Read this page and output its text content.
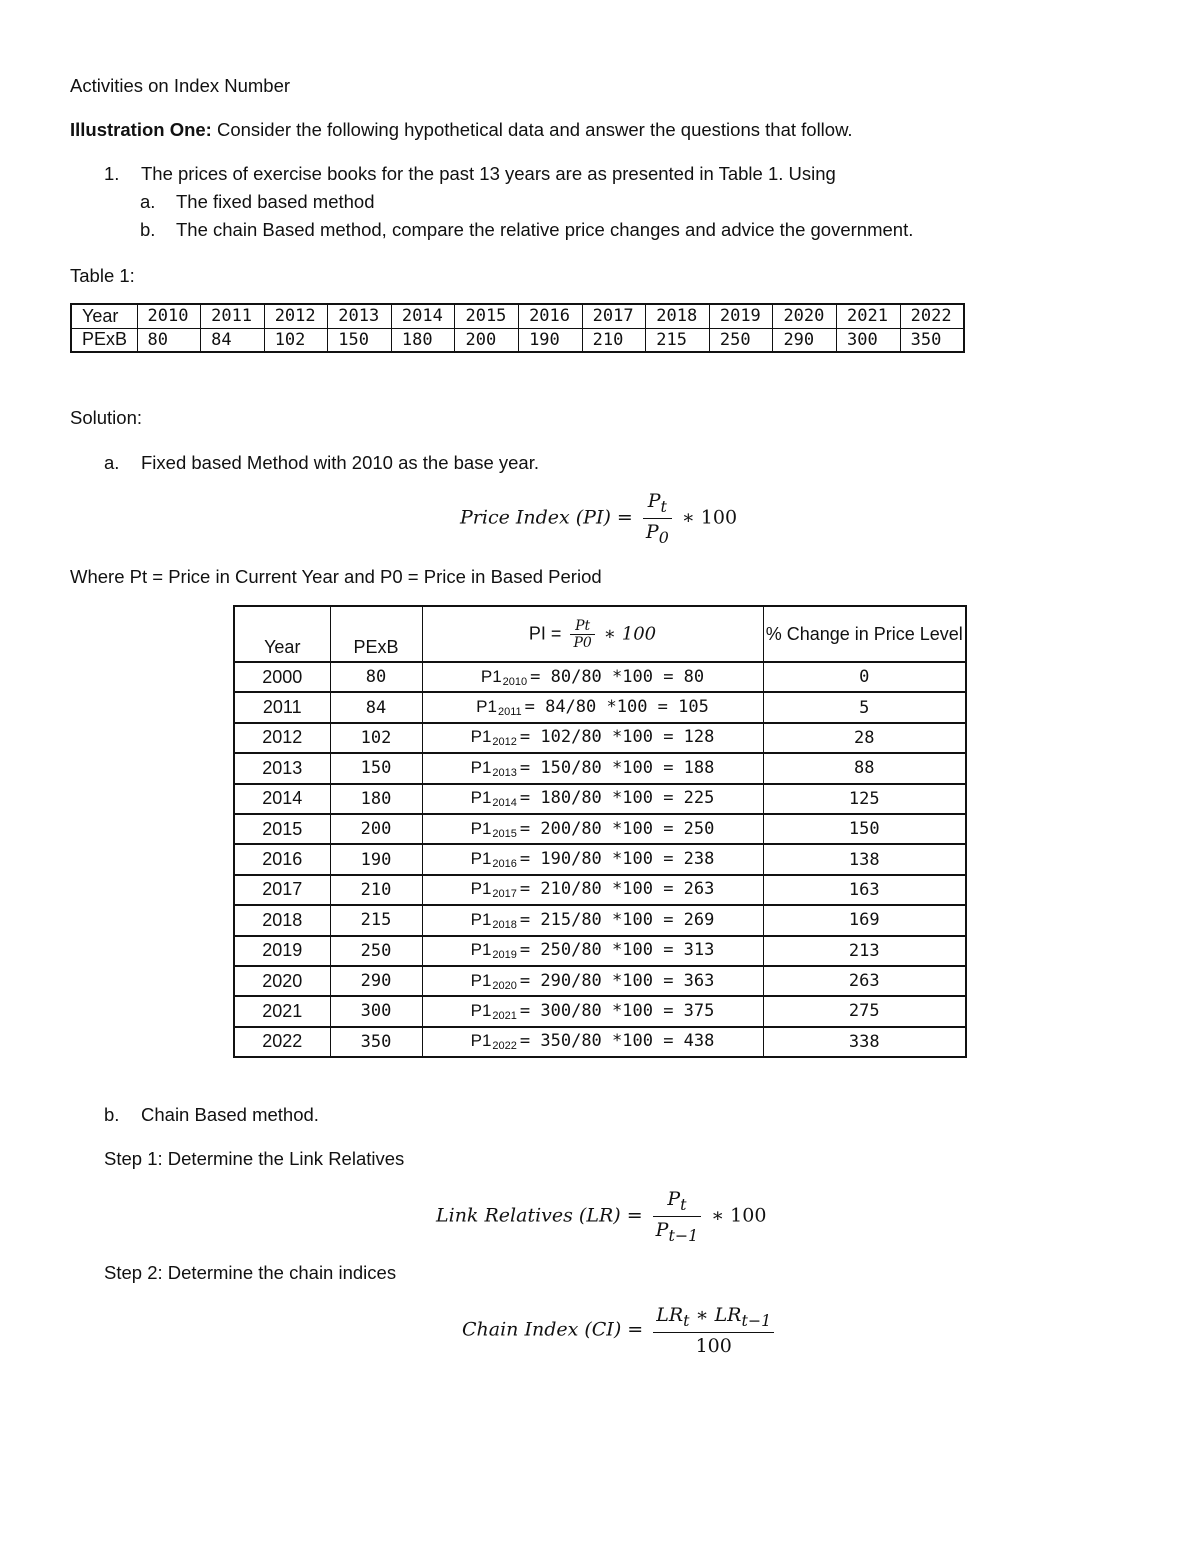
Activities on Index Number
Illustration One: Consider the following hypothetical data and answer the questions that follow.
1. The prices of exercise books for the past 13 years are as presented in Table 1. Using
a. The fixed based method
b. The chain Based method, compare the relative price changes and advice the government.
Table 1:
Year	2010	2011	2012	2013	2014	2015	2016	2017	2018	2019	2020	2021	2022
PExB	80	84	102	150	180	200	190	210	215	250	290	300	350
Solution:
a. Fixed based Method with 2010 as the base year.
Price Index $(PI) = \frac{P_t}{P_0}$ ∗ 100
Where Pt = Price in Current Year and P0 = Price in Based Period
Year	PExB	PI = $\frac{Pt}{P0}$ ∗ 100	% Change in Price Level
2000	80	$P1_{2010} = 80/80$ *100 = 80	0
2011	84	$P1_{2011} = 84/80$ *100 = 105	5
2012	102	$P1_{2012} = 102/80$ *100 = 128	28
2013	150	$P1_{2013} = 150/80$ *100 = 188	88
2014	180	$P1_{2014} = 180/80$ *100 = 225	125
2015	200	$P1_{2015} = 200/80$ *100 = 250	150
2016	190	$P1_{2016} = 190/80$ *100 = 238	138
2017	210	$P1_{2017} = 210/80$ *100 = 263	163
2018	215	$P1_{2018} = 215/80$ *100 = 269	169
2019	250	$P1_{2019} = 250/80$ *100 = 313	213
2020	290	$P1_{2020} = 290/80$ *100 = 363	263
2021	300	$P1_{2021} = 300/80$ *100 = 375	275
2022	350	$P1_{2022} = 350/80$ *100 = 438	338
b. Chain Based method.
Step 1: Determine the Link Relatives
Link Relatives $(LR) = \frac{P_t}{P_{t-1}}$ ∗ 100
Step 2: Determine the chain indices
Chain Index $(CI) = \frac{LR_t ∗ LR_{t-1}}{100}$
